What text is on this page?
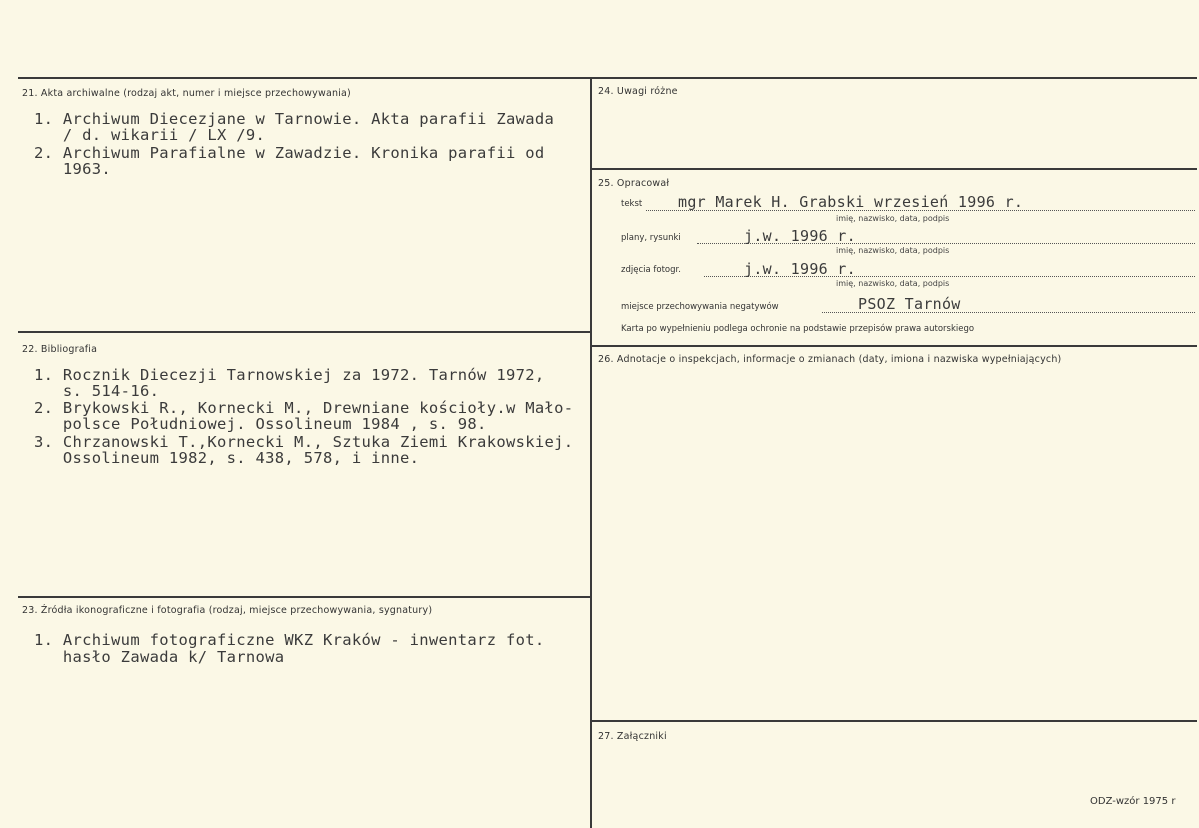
21. Akta archiwalne (rodzaj akt, numer i miejsce przechowywania)
1. Archiwum Diecezjane w Tarnowie. Akta parafii Zawada
/ d. wikarii / LX /9.
2. Archiwum Parafialne w Zawadzie. Kronika parafii od
1963.
22. Bibliografia
1. Rocznik Diecezji Tarnowskiej za 1972. Tarnów 1972,
s. 514-16.
2. Brykowski R., Kornecki M., Drewniane kościoły.w Mało-
polsce Południowej. Ossolineum 1984 , s. 98.
3. Chrzanowski T.,Kornecki M., Sztuka Ziemi Krakowskiej.
Ossolineum 1982, s. 438, 578, i inne.
23. Źródła ikonograficzne i fotografia (rodzaj, miejsce przechowywania, sygnatury)
1. Archiwum fotograficzne WKZ Kraków - inwentarz fot.
hasło Zawada k/ Tarnowa
24. Uwagi różne
25. Opracował
tekst mgr Marek H. Grabski wrzesień 1996 r.
imię, nazwisko, data, podpis
plany, rysunki	j.w. 1996 r.
imię, nazwisko, data, podpis
zdjęcia fotogr.	j.w. 1996 r.
imię, nazwisko, data, podpis
miejsce przechowywania negatywów	PSOZ Tarnów
Karta po wypełnieniu podlega ochronie na podstawie przepisów prawa autorskiego
26. Adnotacje o inspekcjach, informacje o zmianach (daty, imiona i nazwiska wypełniających)
27. Załączniki
ODZ-wzór 1975 r
